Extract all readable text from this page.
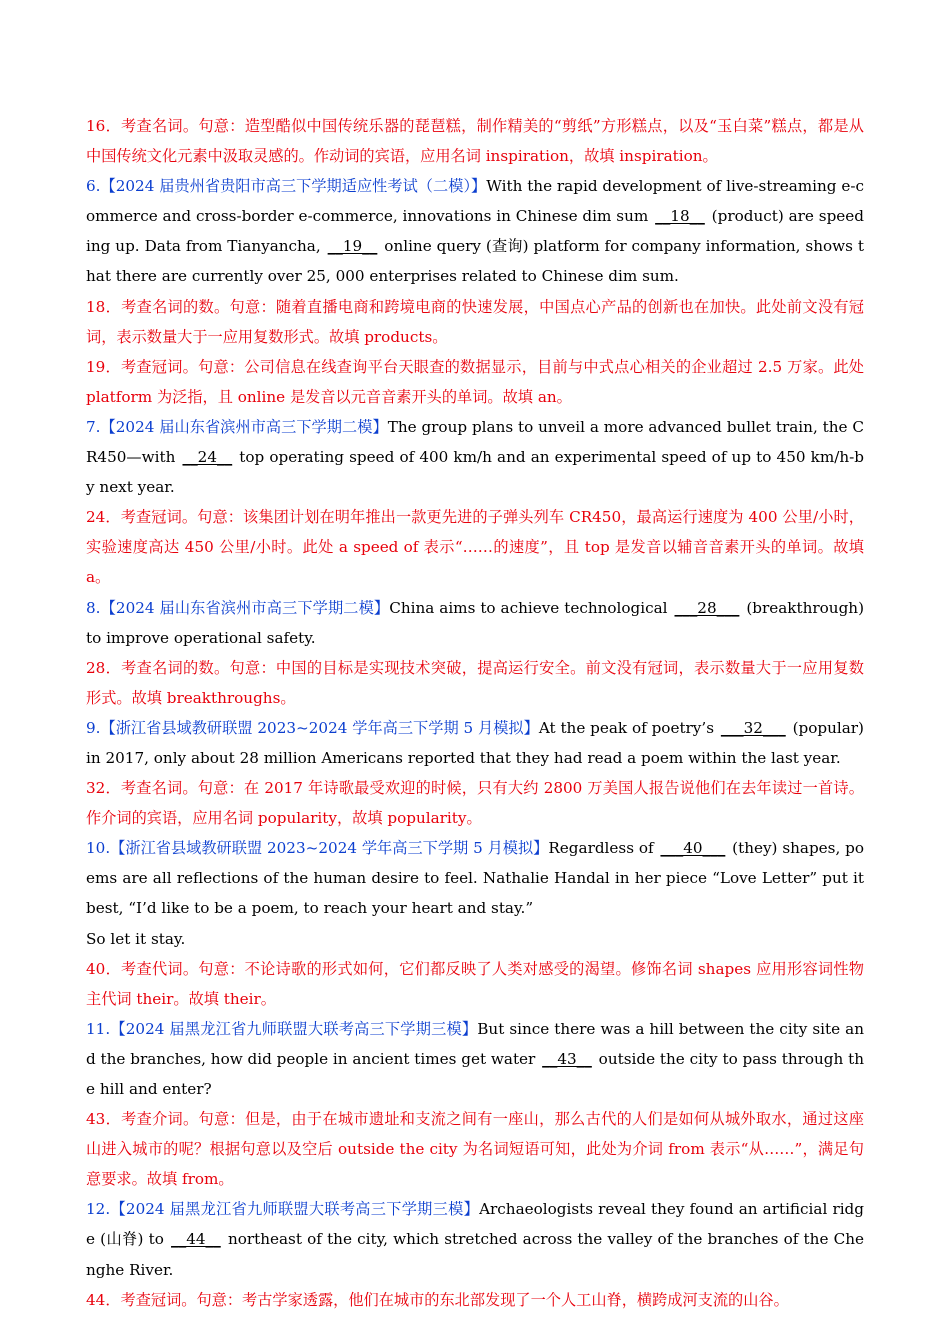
16．考查名词。句意：造型酷似中国传统乐器的琵琶糕，制作精美的“剪纸”方形糕点，以及“玉白菜”糕点，都是从中国传统文化元素中汲取灵感的。作动词的宾语，应用名词 inspiration，故填 inspiration。

6.【2024 届贵州省贵阳市高三下学期适应性考试（二模）】With the rapid development of live-streaming e-commerce and cross-border e-commerce, innovations in Chinese dim sum __18__ (product) are speeding up. Data from Tianyancha, __19__ online query (查询) platform for company information, shows that there are currently over 25, 000 enterprises related to Chinese dim sum.

18．考查名词的数。句意：随着直播电商和跨境电商的快速发展，中国点心产品的创新也在加快。此处前文没有冠词，表示数量大于一应用复数形式。故填 products。

19．考查冠词。句意：公司信息在线查询平台天眼查的数据显示，目前与中式点心相关的企业超过 2.5 万家。此处 platform 为泛指，且 online 是发音以元音音素开头的单词。故填 an。

7.【2024 届山东省滨州市高三下学期二模】The group plans to unveil a more advanced bullet train, the CR450—with __24__ top operating speed of 400 km/h and an experimental speed of up to 450 km/h-by next year.

24．考查冠词。句意：该集团计划在明年推出一款更先进的子弹头列车 CR450，最高运行速度为 400 公里/小时，实验速度高达 450 公里/小时。此处 a speed of 表示“……的速度”，且 top 是发音以辅音音素开头的单词。故填 a。

8.【2024 届山东省滨州市高三下学期二模】China aims to achieve technological ___28___ (breakthrough) to improve operational safety.

28．考查名词的数。句意：中国的目标是实现技术突破，提高运行安全。前文没有冠词，表示数量大于一应用复数形式。故填 breakthroughs。

9.【浙江省县域教研联盟 2023~2024 学年高三下学期 5 月模拟】At the peak of poetry’s ___32___ (popular) in 2017, only about 28 million Americans reported that they had read a poem within the last year.

32．考查名词。句意：在 2017 年诗歌最受欢迎的时候，只有大约 2800 万美国人报告说他们在去年读过一首诗。作介词的宾语，应用名词 popularity，故填 popularity。

10.【浙江省县域教研联盟 2023~2024 学年高三下学期 5 月模拟】Regardless of ___40___ (they) shapes, poems are all reflections of the human desire to feel. Nathalie Handal in her piece “Love Letter” put it best, “I’d like to be a poem, to reach your heart and stay.”

So let it stay.

40．考查代词。句意：不论诗歌的形式如何，它们都反映了人类对感受的渴望。修饰名词 shapes 应用形容词性物主代词 their。故填 their。

11.【2024 届黑龙江省九师联盟大联考高三下学期三模】But since there was a hill between the city site and the branches, how did people in ancient times get water __43__ outside the city to pass through the hill and enter?

43．考查介词。句意：但是，由于在城市遗址和支流之间有一座山，那么古代的人们是如何从城外取水，通过这座山进入城市的呢？根据句意以及空后 outside the city 为名词短语可知，此处为介词 from 表示“从……”，满足句意要求。故填 from。

12.【2024 届黑龙江省九师联盟大联考高三下学期三模】Archaeologists reveal they found an artificial ridge (山脊) to __44__ northeast of the city, which stretched across the valley of the branches of the Chenghe River.

44．考查冠词。句意：考古学家透露，他们在城市的东北部发现了一个人工山脊，横跨成河支流的山谷。
